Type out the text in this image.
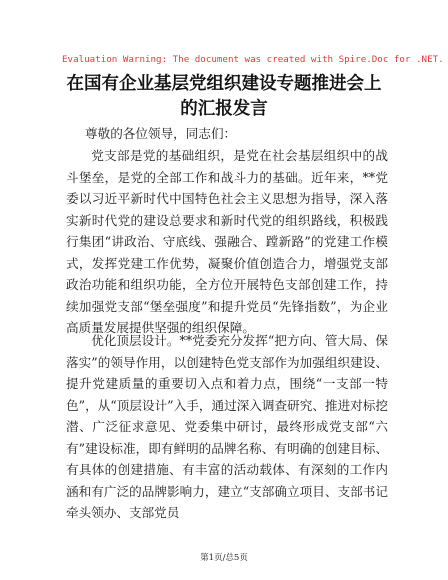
Evaluation Warning: The document was created with Spire.Doc for .NET.
在国有企业基层党组织建设专题推进会上的汇报发言
尊敬的各位领导，同志们：

党支部是党的基础组织，是党在社会基层组织中的战斗堡垒，是党的全部工作和战斗力的基础。近年来，**党委以习近平新时代中国特色社会主义思想为指导，深入落实新时代党的建设总要求和新时代党的组织路线，积极践行集团“讲政治、守底线、强融合、蹚新路”的党建工作模式，发挥党建工作优势，凝聚价值创造合力，增强党支部政治功能和组织功能，全方位开展特色支部创建工作，持续加强党支部“堡垒强度”和提升党员“先锋指数”，为企业高质量发展提供坚强的组织保障。

优化顶层设计。**党委充分发挥“把方向、管大局、保落实”的领导作用，以创建特色党支部作为加强组织建设、提升党建质量的重要切入点和着力点，围绕“一支部一特色”，从“顶层设计”入手，通过深入调查研究、推进对标挖潜、广泛征求意见、党委集中研讨，最终形成党支部“六有”建设标准，即有鲜明的品牌名称、有明确的创建目标、有具体的创建措施、有丰富的活动载体、有深刻的工作内涵和有广泛的品牌影响力，建立“支部确立项目、支部书记牵头领办、支部党员

第1页/总5页
